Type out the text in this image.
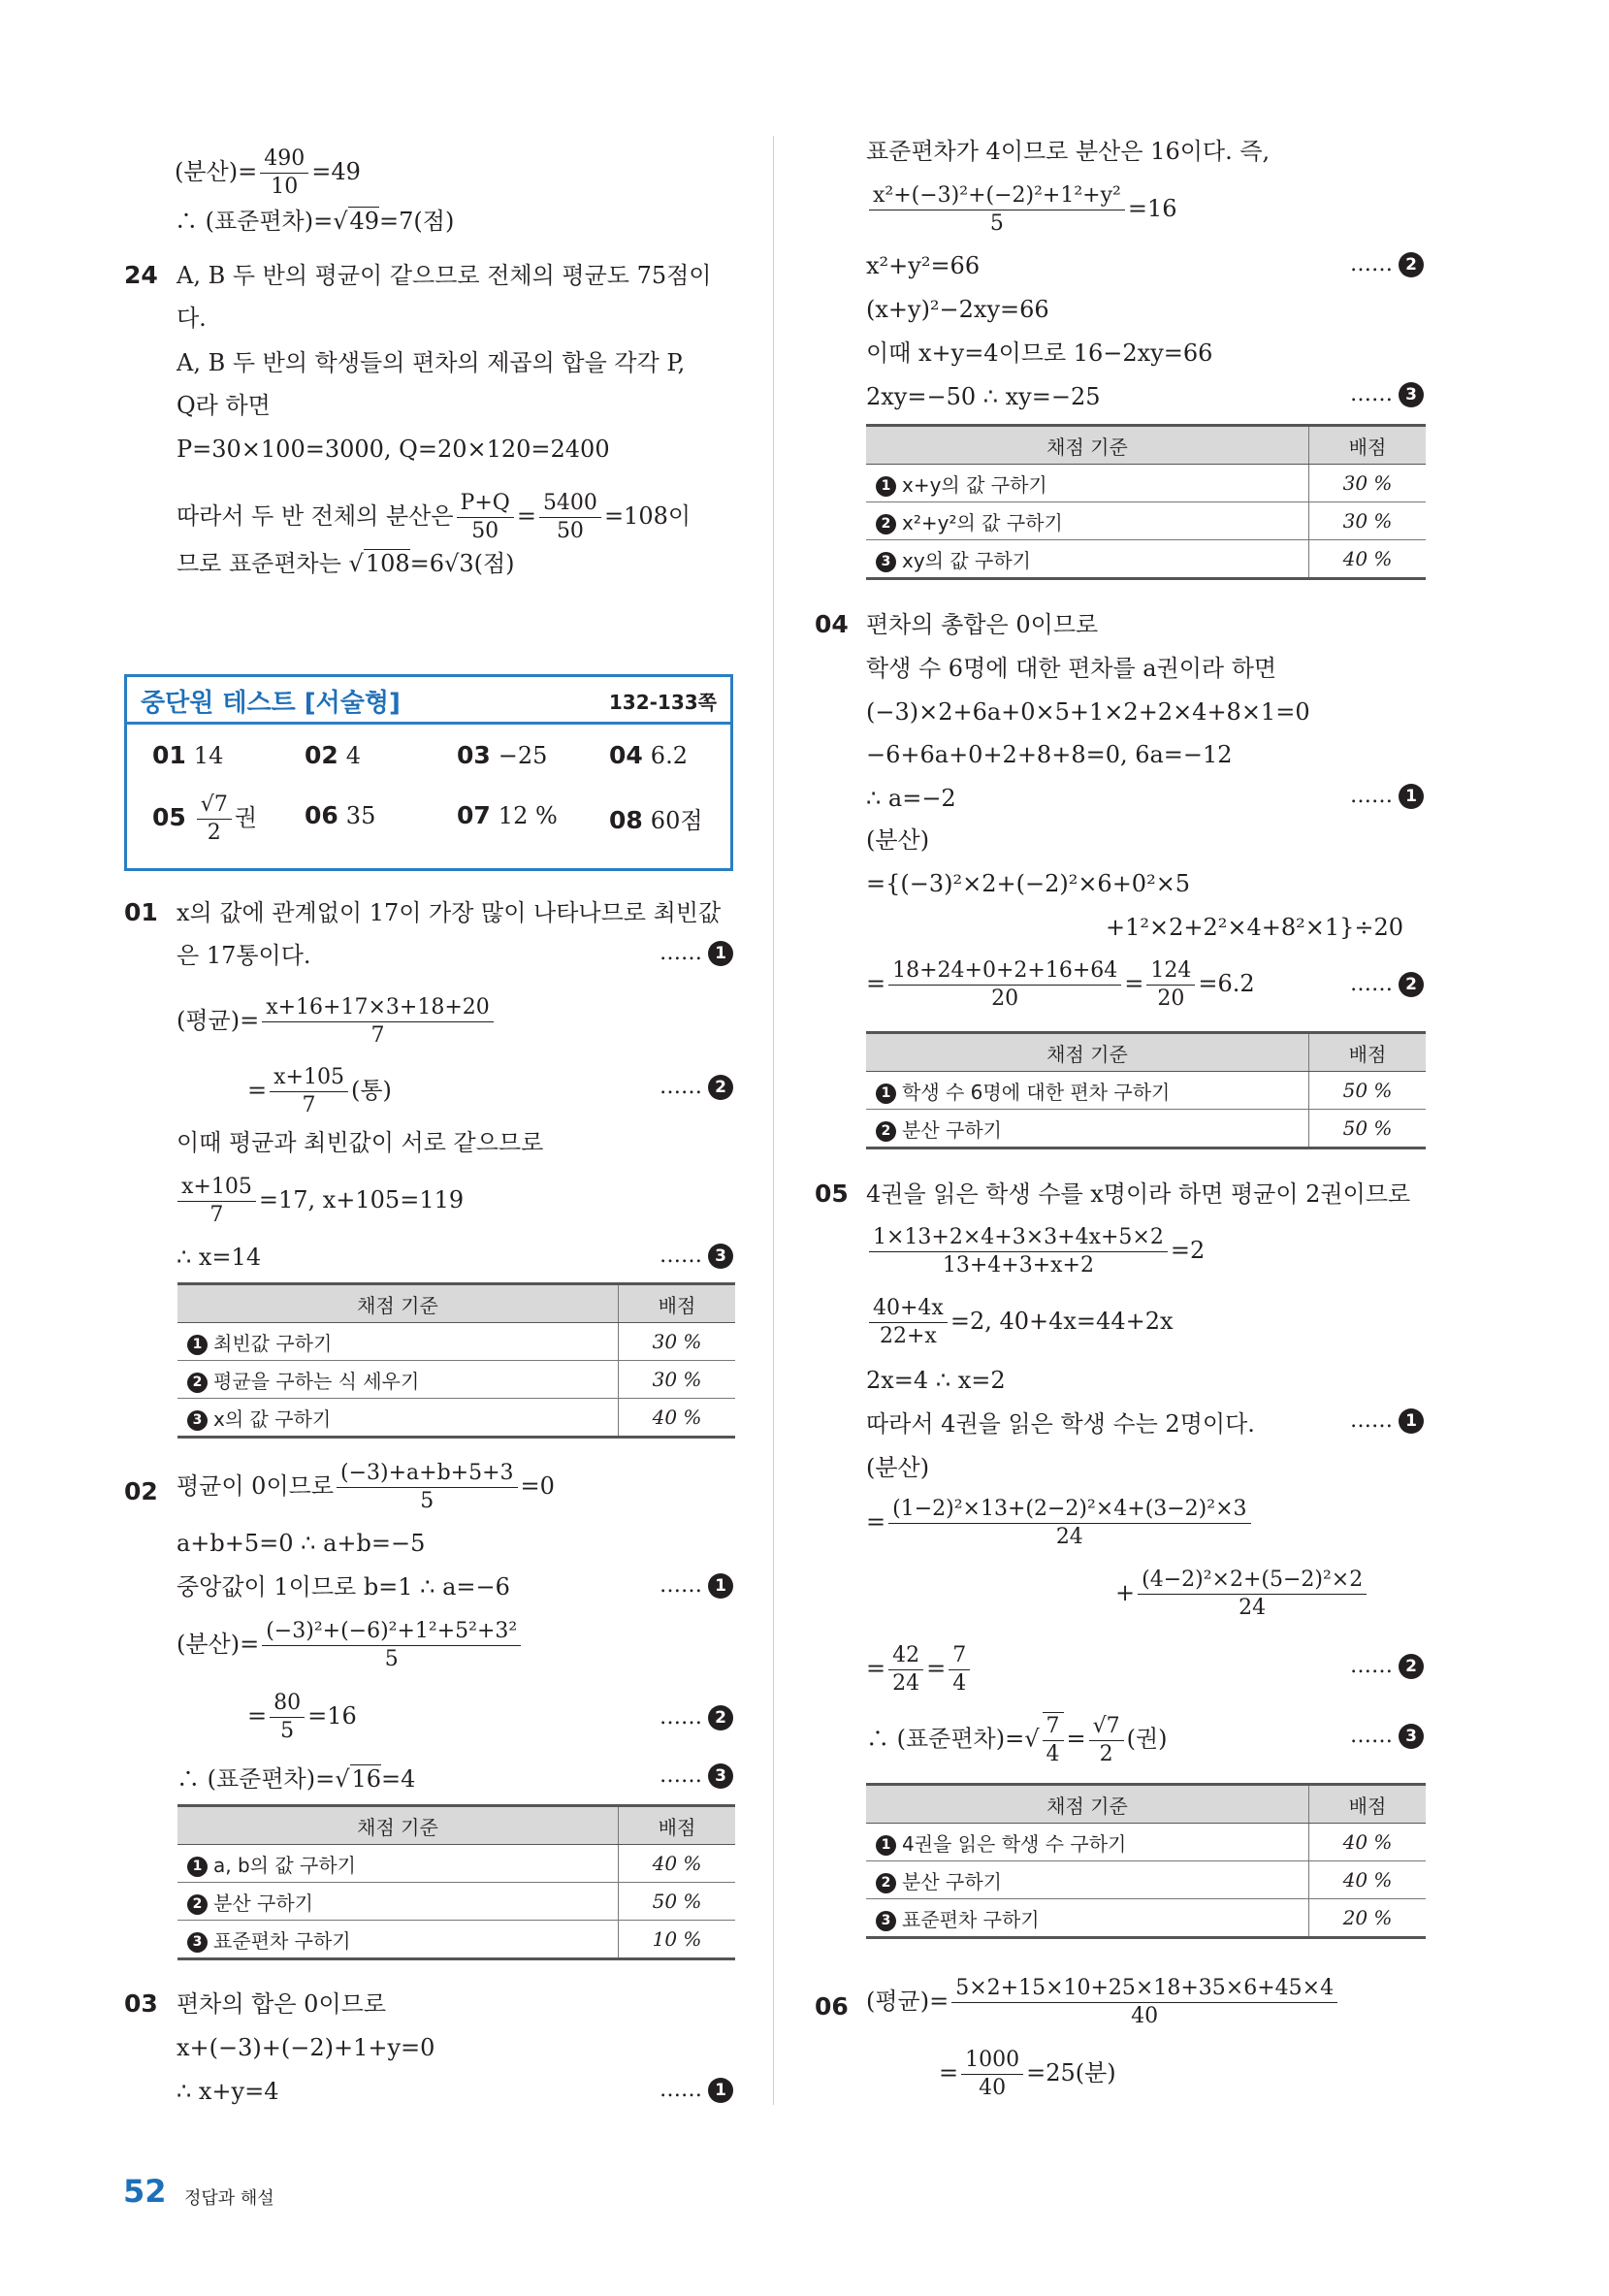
(분산)= $\frac{490}{10} =49$
∴ (표준편차)=√49=7(점)
24 A, B 두 반의 평균이 같으므로 전체의 평균도 75점이
다.
A, B 두 반의 학생들의 편차의 제곱의 합을 각각 P,
Q라 하면
P=30×100=3000, Q=20×120=2400
따라서 두 반 전체의 분산은 $\frac{P+Q}{50} = \frac{5400}{50} =108$이
므로 표준편차는 √108=6√3(점)
중단원 테스트 [서술형]	132-133쪽
01 14	02 4	03 −25	04 6.2
$05 \frac{√7}{2}$ 권 06 35	07 12 % 08 60점
01 x의 값에 관계없이 17이 가장 많이 나타나므로 최빈값
은 17통이다.	…… 1
(평균)= $\frac{x+16+17\times 3+18+20}{7}$
= $\frac{x+105}{7}$ (통)	…… 2
이때 평균과 최빈값이 서로 같으므로
$\frac{x+105}{7} =17$, x+105=119
∴ x=14	…… 3
채점 기준	배점
1 최빈값 구하기	30 %
2 평균을 구하는 식 세우기	30 %
3 x의 값 구하기	40 %
02 평균이 0이므로 $\frac{(-3)+a+b+5+3}{5} =0$
a+b+5=0 ∴ a+b=−5
중앙값이 1이므로 b=1 ∴ a=−6	…… 1
(분산)= $\frac{\text{(−3)²+(−6)²+1²+5²+3²}}{5}$
= $\frac{80}{5} =16$	…… 2
∴ (표준편차)=√16=4	…… 3
채점 기준	배점
1 a, b의 값 구하기	40 %
2 분산 구하기	50 %
3 표준편차 구하기	10 %
03 편차의 합은 0이므로
x+(−3)+(−2)+1+y=0
∴ x+y=4	…… 1
표준편차가 4이므로 분산은 16이다. 즉,
$\frac{\text{x²+(−3)²+(−2)²+1²+y²}}{5} =16$
x²+y²=66	…… 2
(x+y)²−2xy=66
이때 x+y=4이므로 16−2xy=66
2xy=−50 ∴ xy=−25	…… 3
채점 기준	배점
1 x+y의 값 구하기	30 %
2 x²+y²의 값 구하기	30 %
3 xy의 값 구하기	40 %
04 편차의 총합은 0이므로
학생 수 6명에 대한 편차를 a권이라 하면
(−3)×2+6a+0×5+1×2+2×4+8×1=0
−6+6a+0+2+8+8=0, 6a=−12
∴ a=−2	…… 1
(분산)
={(−3)²×2+(−2)²×6+0²×5
+1²×2+2²×4+8²×1}÷20
= $\frac{18+24+0+2+16+64}{20} = \frac{124}{20} =6.2$	…… 2
채점 기준	배점
1 학생 수 6명에 대한 편차 구하기	50 %
2 분산 구하기	50 %
05 4권을 읽은 학생 수를 x명이라 하면 평균이 2권이므로
$\frac{1\times 13+2\times 4+3\times 3+4x+5\times 2}{13+4+3+x+2} =2$
$\frac{40+4x}{22+x} =2$, 40+4x=44+2x
2x=4 ∴ x=2
따라서 4권을 읽은 학생 수는 2명이다.	…… 1
(분산)
= $\frac{\text{(1−2)²×13+(2−2)²×4+(3−2)²×3}}{24}$
+ $\frac{\text{(4−2)²×2+(5−2)²×2}}{24}$
= $\frac{42}{24} = \frac{7}{4}$	…… 2
∴ (표준편차)=√ $\frac{7}{4} = \frac{√7}{2}$ (권)	…… 3
채점 기준	배점
1 4권을 읽은 학생 수 구하기	40 %
2 분산 구하기	40 %
3 표준편차 구하기	20 %
06 (평균)= $\frac{5\times 2+15\times 10+25\times 18+35\times 6+45\times 4}{40}$
= $\frac{1000}{40} =25$(분)
52 정답과 해설
